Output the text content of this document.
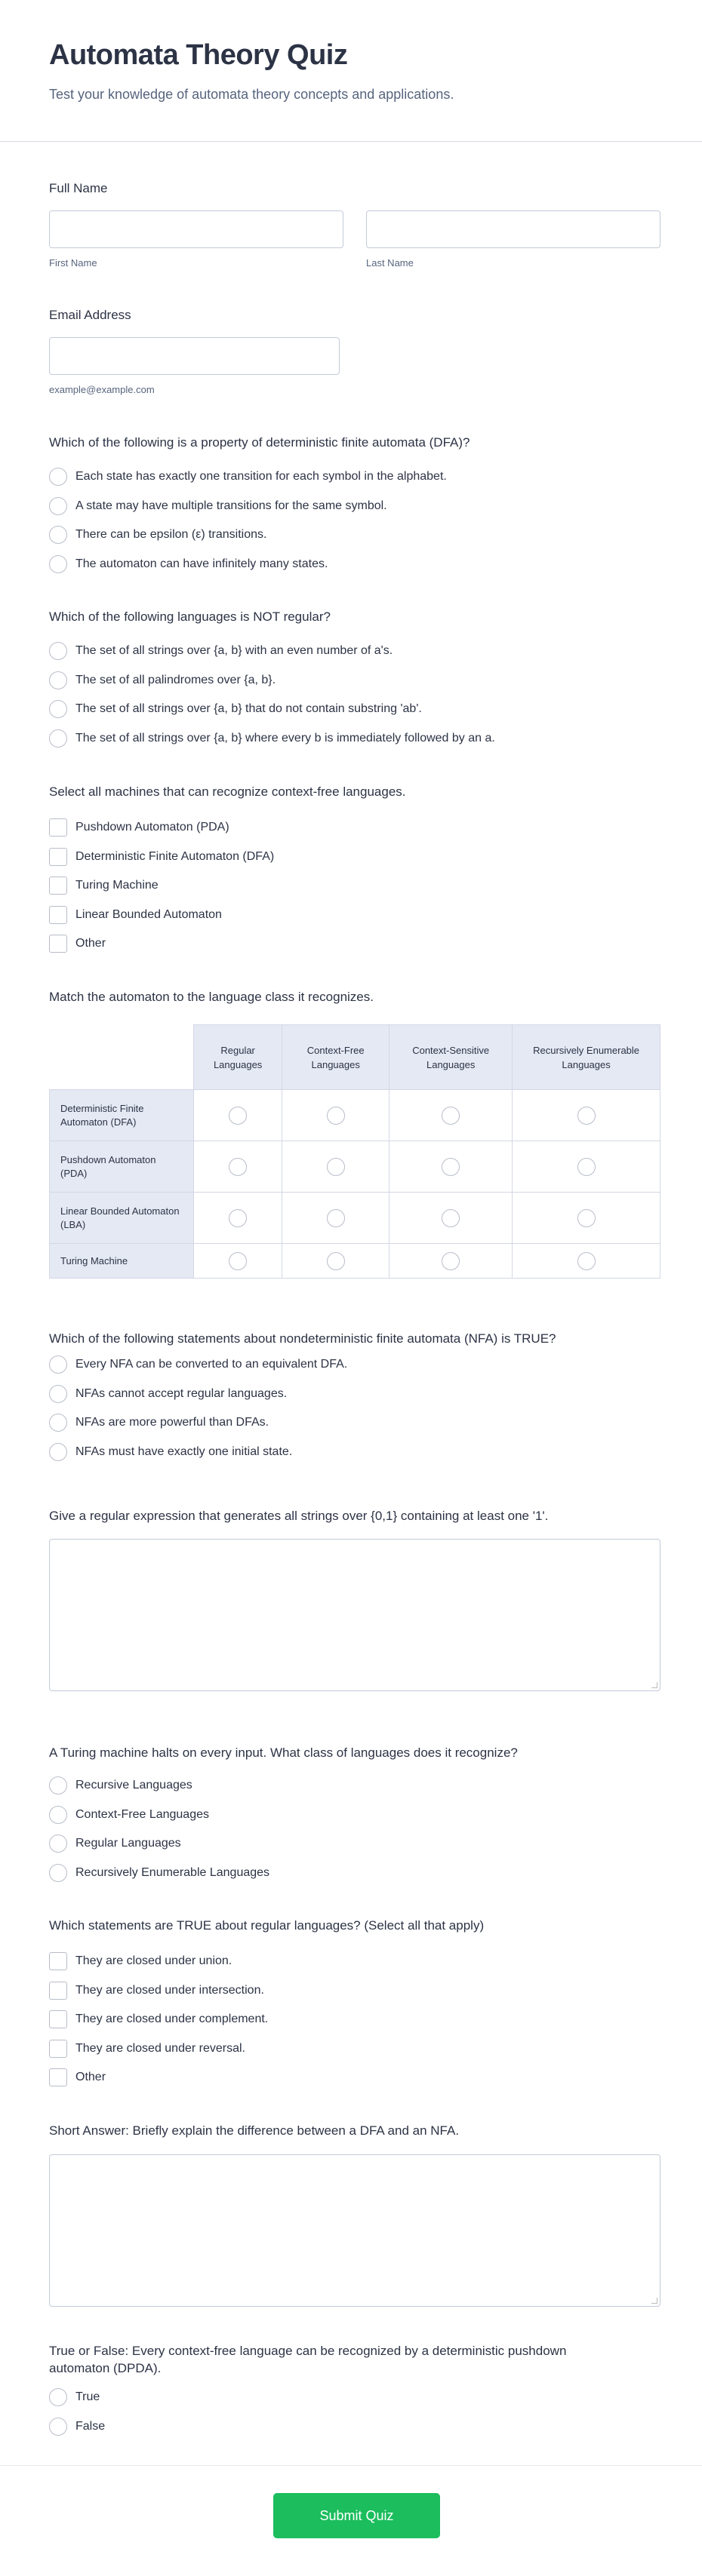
Automata Theory Quiz
Test your knowledge of automata theory concepts and applications.
Full Name
First Name	Last Name
Email Address
example@example.com
Which of the following is a property of deterministic finite automata (DFA)?
Each state has exactly one transition for each symbol in the alphabet.
A state may have multiple transitions for the same symbol.
There can be epsilon (ε) transitions.
The automaton can have infinitely many states.
Which of the following languages is NOT regular?
The set of all strings over {a, b} with an even number of a's.
The set of all palindromes over {a, b}.
The set of all strings over {a, b} that do not contain substring 'ab'.
The set of all strings over {a, b} where every b is immediately followed by an a.
Select all machines that can recognize context-free languages.
Pushdown Automaton (PDA)
Deterministic Finite Automaton (DFA)
Turing Machine
Linear Bounded Automaton
Other
Match the automaton to the language class it recognizes.
	Regular Languages	Context-Free Languages	Context-Sensitive Languages	Recursively Enumerable Languages
Deterministic Finite Automaton (DFA)				
Pushdown Automaton (PDA)				
Linear Bounded Automaton (LBA)				
Turing Machine				
Which of the following statements about nondeterministic finite automata (NFA) is TRUE?
Every NFA can be converted to an equivalent DFA.
NFAs cannot accept regular languages.
NFAs are more powerful than DFAs.
NFAs must have exactly one initial state.
Give a regular expression that generates all strings over {0,1} containing at least one '1'.
A Turing machine halts on every input. What class of languages does it recognize?
Recursive Languages
Context-Free Languages
Regular Languages
Recursively Enumerable Languages
Which statements are TRUE about regular languages? (Select all that apply)
They are closed under union.
They are closed under intersection.
They are closed under complement.
They are closed under reversal.
Other
Short Answer: Briefly explain the difference between a DFA and an NFA.
True or False: Every context-free language can be recognized by a deterministic pushdown automaton (DPDA).
True
False
Submit Quiz
